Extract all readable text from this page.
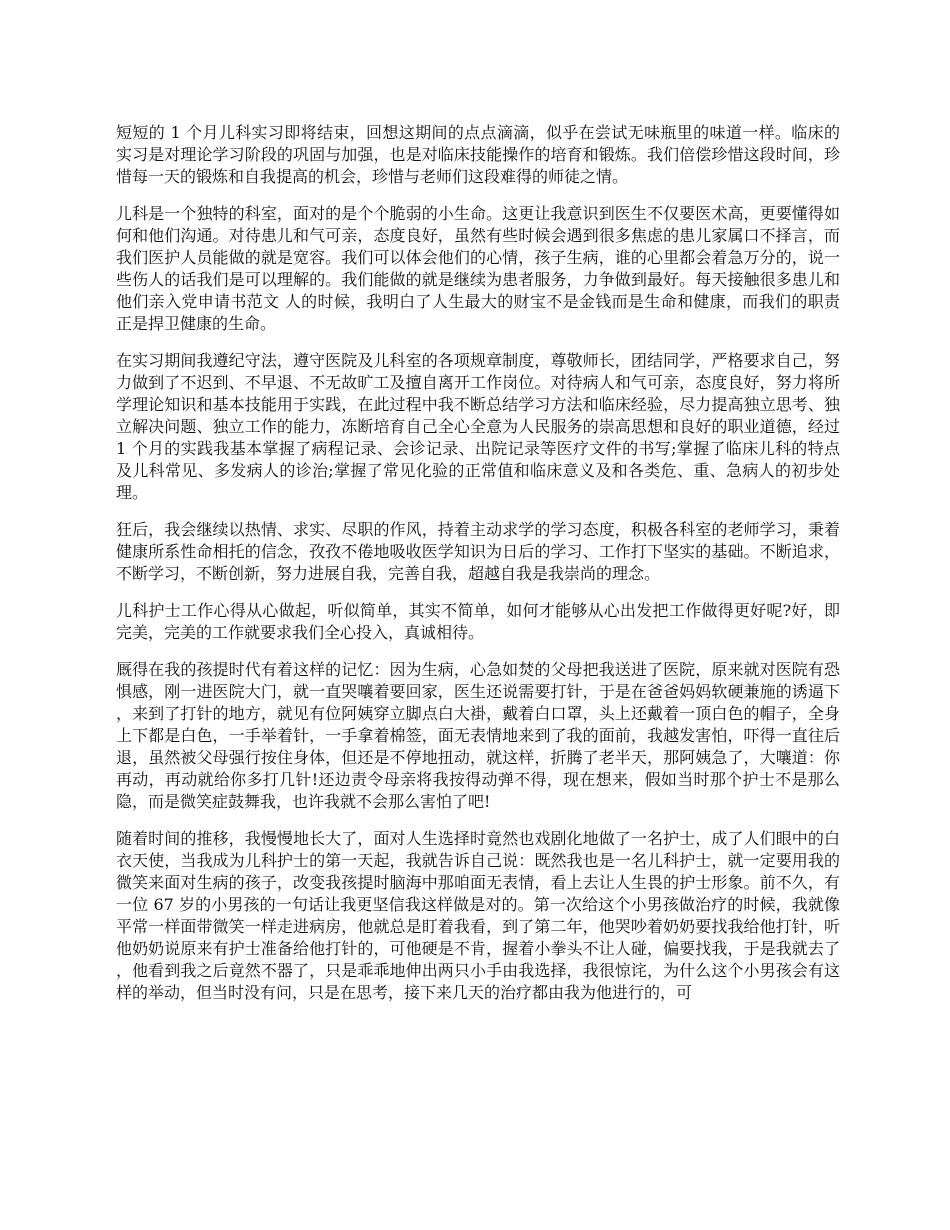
短短的 1 个月儿科实习即将结束，回想这期间的点点滴滴，似乎在尝试无味瓶里的味道一样。临床的实习是对理论学习阶段的巩固与加强，也是对临床技能操作的培育和锻炼。我们倍偿珍惜这段时间，珍惜每一天的锻炼和自我提高的机会，珍惜与老师们这段难得的师徒之情。

儿科是一个独特的科室，面对的是个个脆弱的小生命。这更让我意识到医生不仅要医术高，更要懂得如何和他们沟通。对待患儿和气可亲，态度良好，虽然有些时候会遇到很多焦虑的患儿家属口不择言，而我们医护人员能做的就是宽容。我们可以体会他们的心情，孩子生病，谁的心里都会着急万分的，说一些伤人的话我们是可以理解的。我们能做的就是继续为患者服务，力争做到最好。每天接触很多患儿和他们亲入党申请书范文 人的时候，我明白了人生最大的财宝不是金钱而是生命和健康，而我们的职责正是捍卫健康的生命。

在实习期间我遵纪守法，遵守医院及儿科室的各项规章制度，尊敬师长，团结同学，严格要求自己，努力做到了不迟到、不早退、不无故旷工及擅自离开工作岗位。对待病人和气可亲，态度良好，努力将所学理论知识和基本技能用于实践，在此过程中我不断总结学习方法和临床经验，尽力提高独立思考、独立解决问题、独立工作的能力，冻断培育自己全心全意为人民服务的崇高思想和良好的职业道德，经过 1 个月的实践我基本掌握了病程记录、会诊记录、出院记录等医疗文件的书写;掌握了临床儿科的特点及儿科常见、多发病人的诊治;掌握了常见化验的正常值和临床意义及和各类危、重、急病人的初步处理。

狂后，我会继续以热情、求实、尽职的作风，持着主动求学的学习态度，积极各科室的老师学习，秉着健康所系性命相托的信念，孜孜不倦地吸收医学知识为日后的学习、工作打下坚实的基础。不断追求，不断学习，不断创新，努力进展自我，完善自我，超越自我是我崇尚的理念。

儿科护士工作心得从心做起，听似简单，其实不简单，如何才能够从心出发把工作做得更好呢?好，即完美，完美的工作就要求我们全心投入，真诚相待。

厩得在我的孩提时代有着这样的记忆：因为生病，心急如焚的父母把我送进了医院，原来就对医院有恐惧感，刚一进医院大门，就一直哭嚷着要回家，医生还说需要打针，于是在爸爸妈妈软硬兼施的诱逼下，来到了打针的地方，就见有位阿姨穿立脚点白大褂，戴着白口罩，头上还戴着一顶白色的帽子，全身上下都是白色，一手举着针，一手拿着棉签，面无表情地来到了我的面前，我越发害怕，吓得一直往后退，虽然被父母强行按住身体，但还是不停地扭动，就这样，折腾了老半天，那阿姨急了，大嚷道：你再动，再动就给你多打几针!还边责令母亲将我按得动弹不得，现在想来，假如当时那个护士不是那么隐，而是微笑症鼓舞我，也许我就不会那么害怕了吧!

随着时间的推移，我慢慢地长大了，面对人生选择时竟然也戏剧化地做了一名护士，成了人们眼中的白衣天使，当我成为儿科护士的第一天起，我就告诉自己说：既然我也是一名儿科护士，就一定要用我的微笑来面对生病的孩子，改变我孩提时脑海中那咱面无表情，看上去让人生畏的护士形象。前不久，有一位 67 岁的小男孩的一句话让我更坚信我这样做是对的。第一次给这个小男孩做治疗的时候，我就像平常一样面带微笑一样走进病房，他就总是盯着我看，到了第二年，他哭吵着奶奶要找我给他打针，听他奶奶说原来有护士准备给他打针的，可他硬是不肯，握着小拳头不让人碰，偏要找我，于是我就去了，他看到我之后竟然不器了，只是乖乖地伸出两只小手由我选择，我很惊诧，为什么这个小男孩会有这样的举动，但当时没有问，只是在思考，接下来几天的治疗都由我为他进行的，可
